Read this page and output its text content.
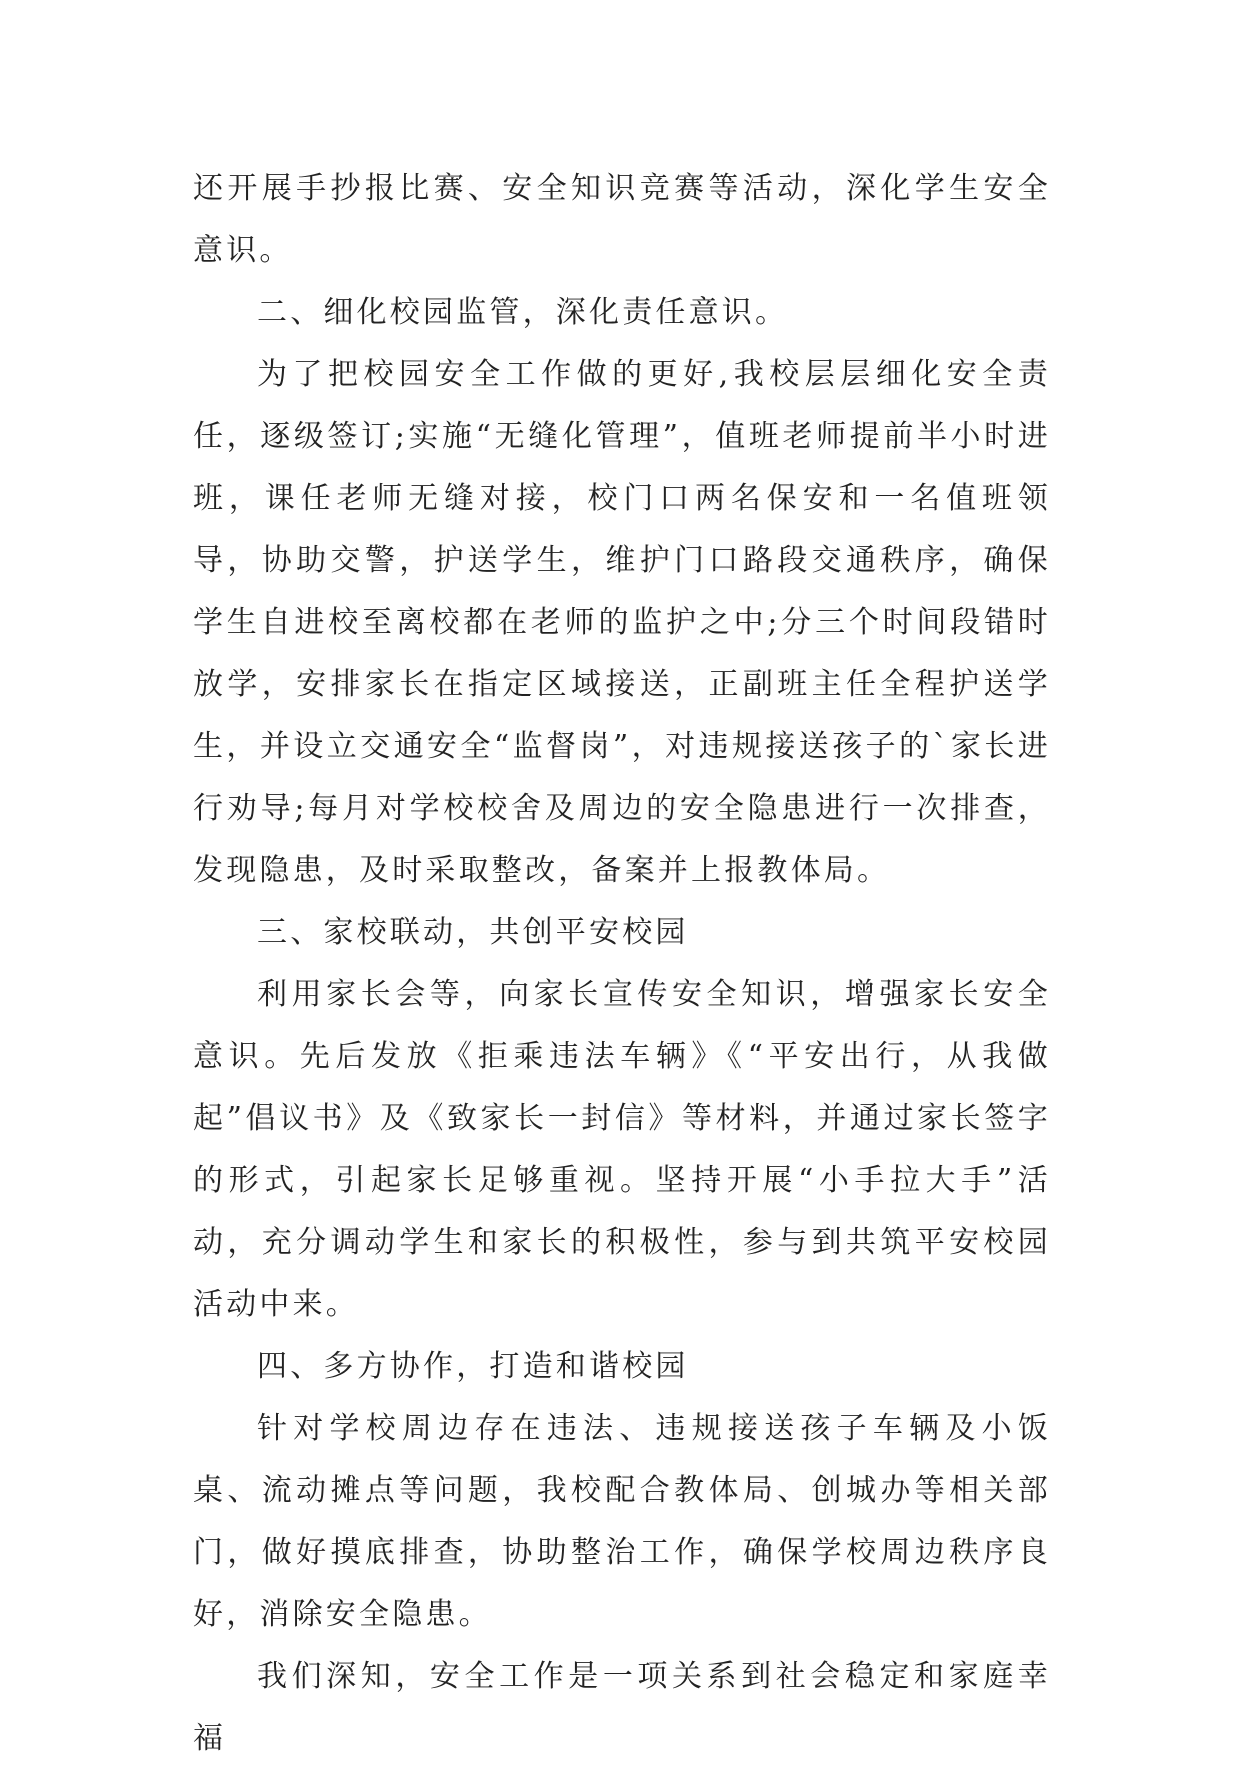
还开展手抄报比赛、安全知识竞赛等活动，深化学生安全意识。

二、细化校园监管，深化责任意识。

为了把校园安全工作做的更好,我校层层细化安全责任，逐级签订;实施“无缝化管理”，值班老师提前半小时进班，课任老师无缝对接，校门口两名保安和一名值班领导，协助交警，护送学生，维护门口路段交通秩序，确保学生自进校至离校都在老师的监护之中;分三个时间段错时放学，安排家长在指定区域接送，正副班主任全程护送学生，并设立交通安全“监督岗”，对违规接送孩子的`家长进行劝导;每月对学校校舍及周边的安全隐患进行一次排查，发现隐患，及时采取整改，备案并上报教体局。

三、家校联动，共创平安校园

利用家长会等，向家长宣传安全知识，增强家长安全意识。先后发放《拒乘违法车辆》《“平安出行，从我做起”倡议书》及《致家长一封信》等材料，并通过家长签字的形式，引起家长足够重视。坚持开展“小手拉大手”活动，充分调动学生和家长的积极性，参与到共筑平安校园活动中来。

四、多方协作，打造和谐校园

针对学校周边存在违法、违规接送孩子车辆及小饭桌、流动摊点等问题，我校配合教体局、创城办等相关部门，做好摸底排查，协助整治工作，确保学校周边秩序良好，消除安全隐患。

我们深知，安全工作是一项关系到社会稳定和家庭幸福
